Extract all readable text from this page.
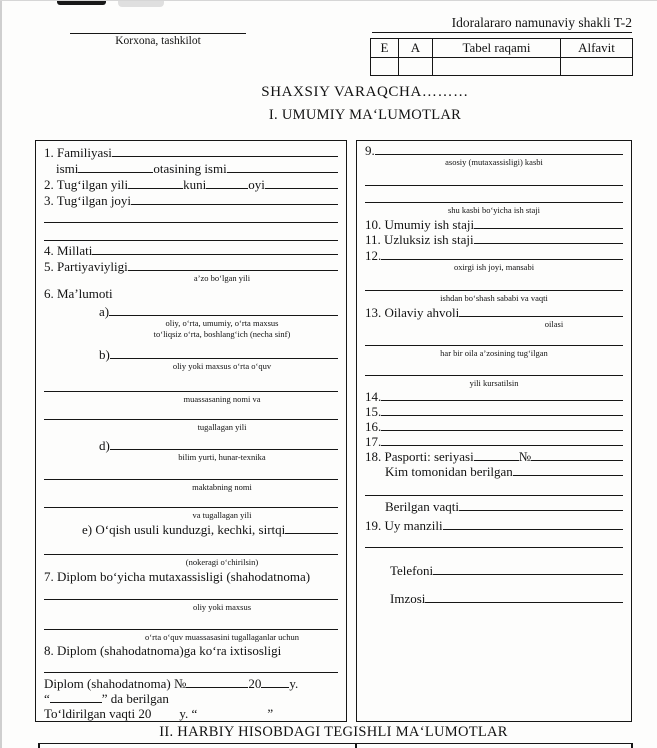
Korxona, tashkilot
Idoralararo namunaviy shakli T-2
E	A	Tabel raqami	Alfavit

SHAXSIY VARAQCHA………
I. UMUMIY MA‘LUMOTLAR
1. Familiyasi
ismi	otasining ismi
2. Tug‘ilgan yili	kuni	oyi
3. Tug‘ilgan joyi
4. Millati
5. Partiyaviyligi
a’zo bo‘lgan yili
6. Ma’lumoti
a)
oliy, o‘rta, umumiy, o‘rta maxsus
to‘liqsiz o‘rta, boshlang‘ich (necha sinf)
b)
oliy yoki maxsus o‘rta o‘quv
muassasaning nomi va
tugallagan yili
d)
bilim yurti, hunar-texnika
maktabning nomi
va tugallagan yili
e) O‘qish usuli kunduzgi, kechki, sirtqi
(nokeragi o‘chirilsin)
7. Diplom bo‘yicha mutaxassisligi (shahodatnoma)
oliy yoki maxsus
o‘rta o‘quv muassasasini tugallaganlar uchun
8. Diplom (shahodatnoma)ga ko‘ra ixtisosligi
Diplom (shahodatnoma) №	20 y.
“	” da berilgan
To‘ldirilgan vaqti 20 y. “	”
9.
asosiy (mutaxassisligi) kasbi
shu kasbi bo‘yicha ish staji
10. Umumiy ish staji
11. Uzluksiz ish staji
12.
oxirgi ish joyi, mansabi
ishdan bo‘shash sababi va vaqti
13. Oilaviy ahvoli
oilasi
har bir oila a’zosining tug‘ilgan
yili kursatilsin
14.
15.
16.
17.
18. Pasporti: seriyasi	№
Kim tomonidan berilgan
Berilgan vaqti
19. Uy manzili
Telefoni
Imzosi
II. HARBIY HISOBDAGI TEGISHLI MA‘LUMOTLAR
